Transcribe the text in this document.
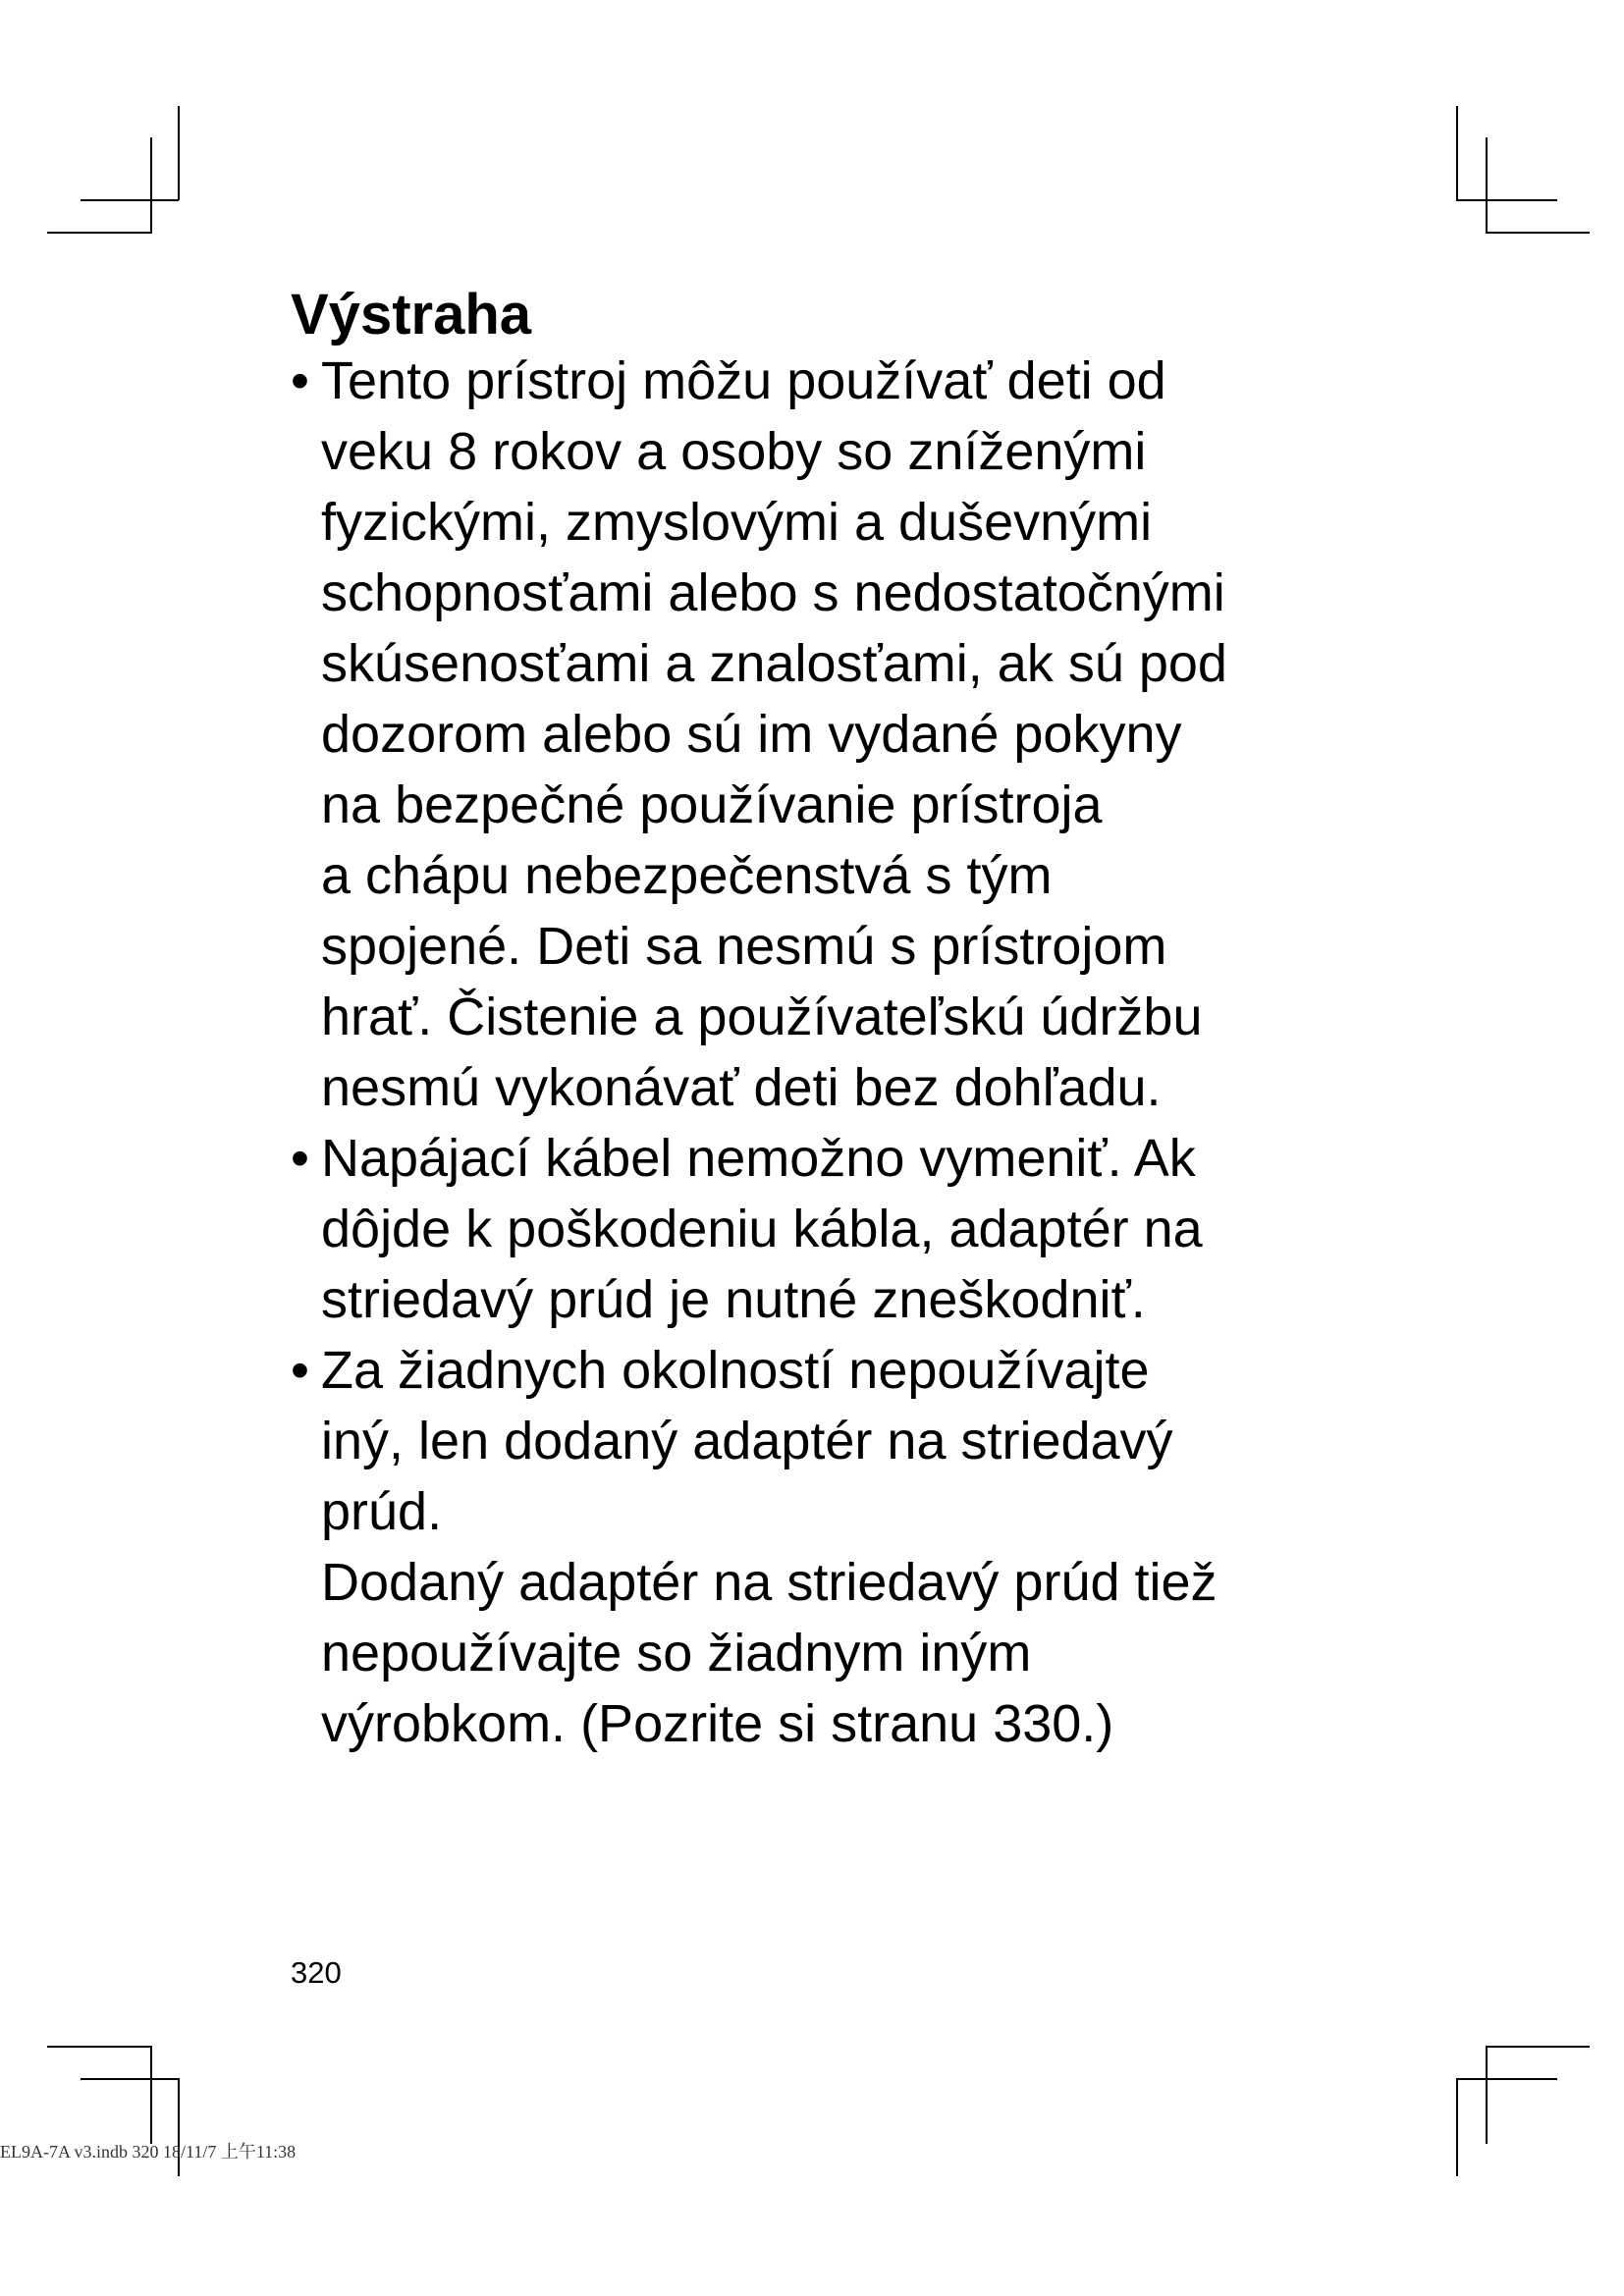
Výstraha
• Tento prístroj môžu používať deti od
veku 8 rokov a osoby so zníženými
fyzickými, zmyslovými a duševnými
schopnosťami alebo s nedostatočnými
skúsenosťami a znalosťami, ak sú pod
dozorom alebo sú im vydané pokyny
na bezpečné používanie prístroja
a chápu nebezpečenstvá s tým
spojené. Deti sa nesmú s prístrojom
hrať. Čistenie a používateľskú údržbu
nesmú vykonávať deti bez dohľadu.
• Napájací kábel nemožno vymeniť. Ak
dôjde k poškodeniu kábla, adaptér na
striedavý prúd je nutné zneškodniť.
• Za žiadnych okolností nepoužívajte
iný, len dodaný adaptér na striedavý
prúd.
Dodaný adaptér na striedavý prúd tiež
nepoužívajte so žiadnym iným
výrobkom. (Pozrite si stranu 330.)
320
EL9A-7A v3.indb 320 18/11/7 上午11:38
